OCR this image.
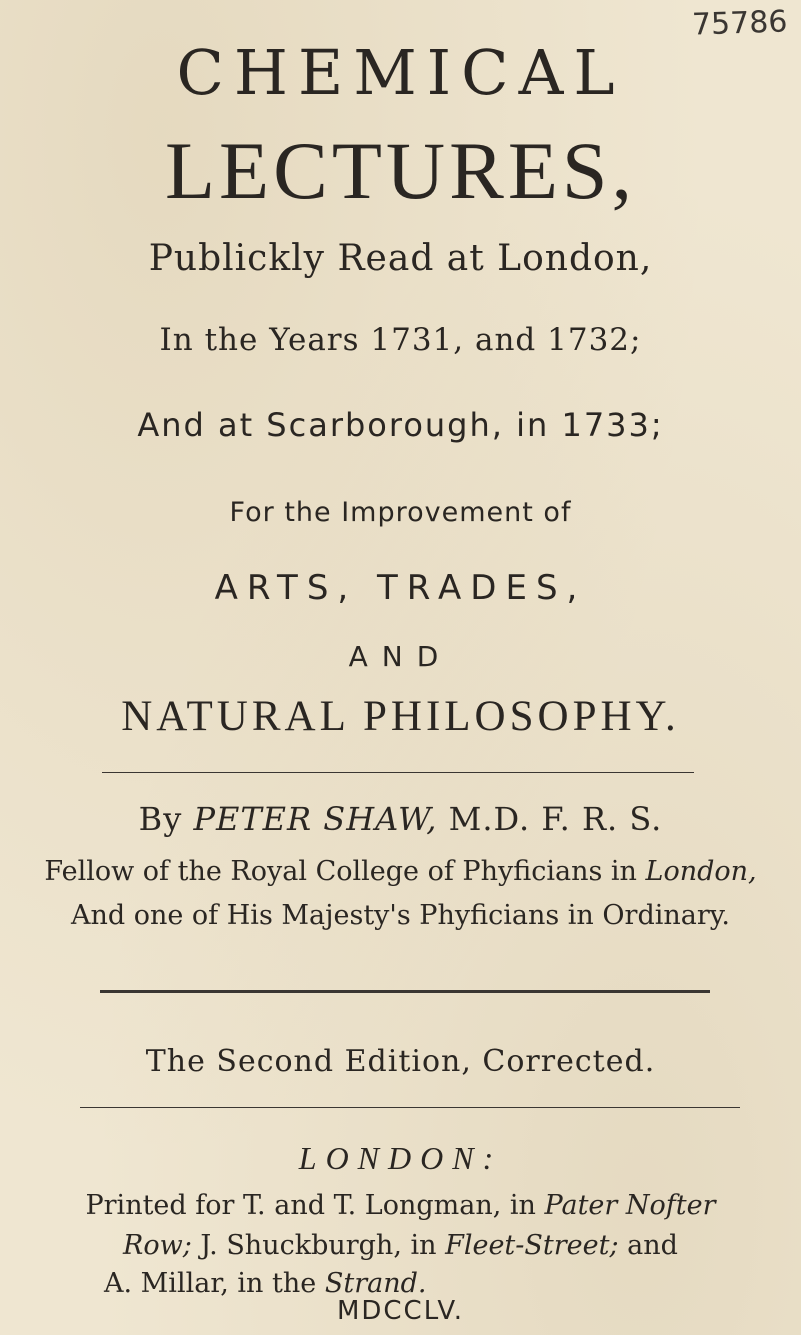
75786
CHEMICAL
LECTURES,
Publickly Read at London,
In the Years 1731, and 1732;
And at Scarborough, in 1733;
For the Improvement of
ARTS, TRADES,
AND
NATURAL PHILOSOPHY.
By PETER SHAW, M.D. F. R. S.
Fellow of the Royal College of Phyficians in London,
And one of His Majesty's Phyficians in Ordinary.
The Second Edition, Corrected.
LONDON:
Printed for T. and T. Longman, in Pater Nofter
Row; J. Shuckburgh, in Fleet-Street; and
A. Millar, in the Strand.
MDCCLV.
